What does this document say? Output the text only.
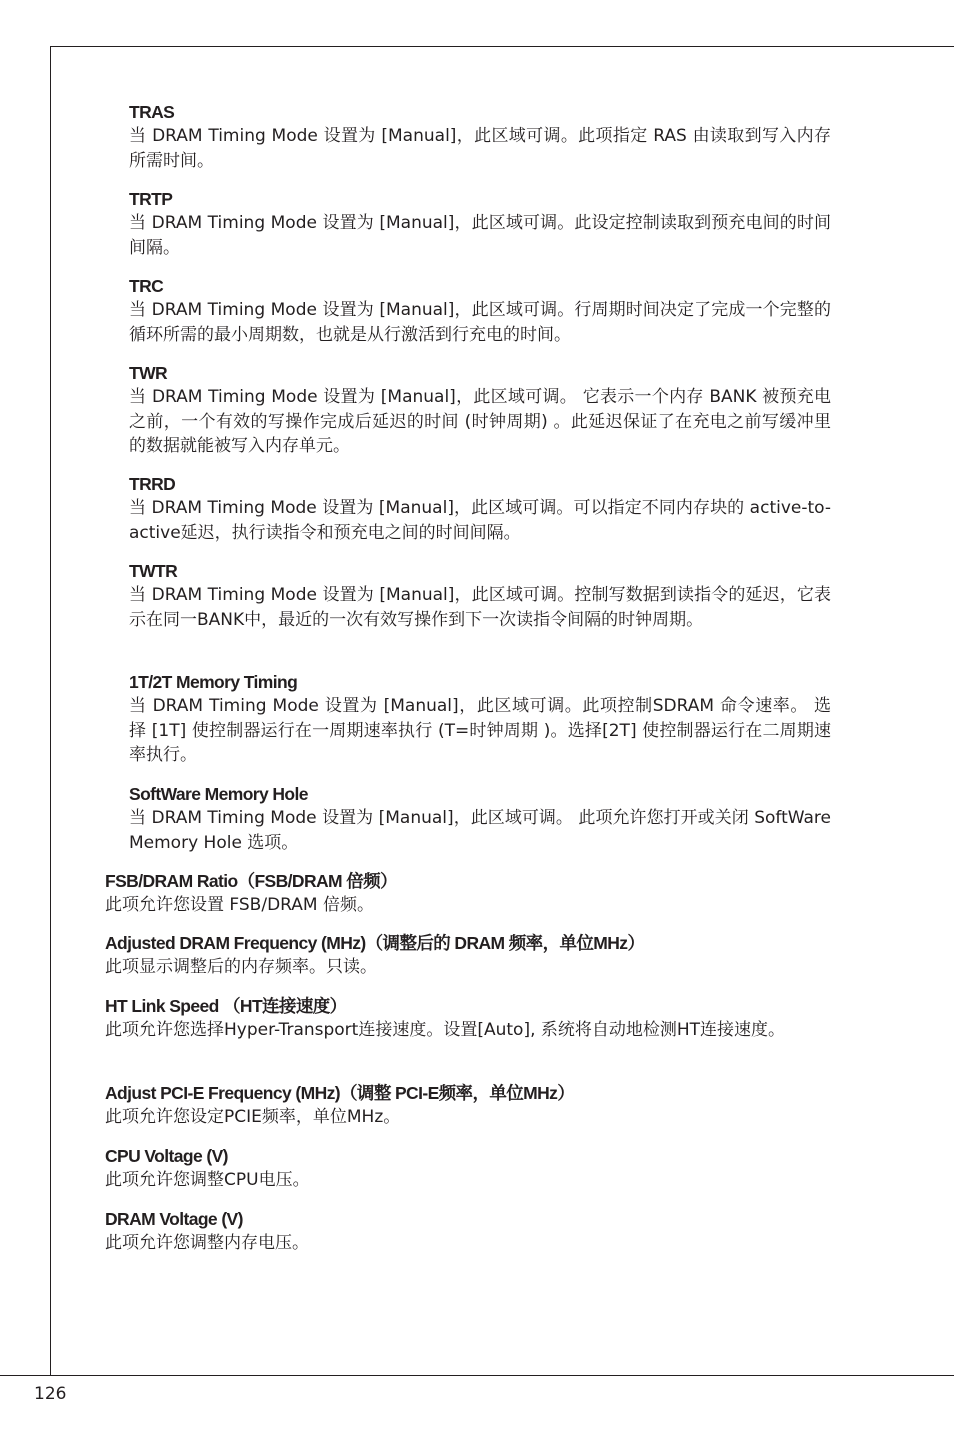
TRAS
当 DRAM Timing Mode 设置为 [Manual]，此区域可调。此项指定 RAS 由读取到写入内存所需时间。
TRTP
当 DRAM Timing Mode 设置为 [Manual]，此区域可调。此设定控制读取到预充电间的时间间隔。
TRC
当 DRAM Timing Mode 设置为 [Manual]，此区域可调。行周期时间决定了完成一个完整的循环所需的最小周期数，也就是从行激活到行充电的时间。
TWR
当 DRAM Timing Mode 设置为 [Manual]，此区域可调。 它表示一个内存 BANK 被预充电之前，一个有效的写操作完成后延迟的时间 (时钟周期) 。此延迟保证了在充电之前写缓冲里的数据就能被写入内存单元。
TRRD
当 DRAM Timing Mode 设置为 [Manual]，此区域可调。可以指定不同内存块的 active-to-active延迟，执行读指令和预充电之间的时间间隔。
TWTR
当 DRAM Timing Mode 设置为 [Manual]，此区域可调。控制写数据到读指令的延迟，它表示在同一BANK中，最近的一次有效写操作到下一次读指令间隔的时钟周期。
1T/2T Memory Timing
当 DRAM Timing Mode 设置为 [Manual]，此区域可调。此项控制SDRAM 命令速率。 选择 [1T] 使控制器运行在一周期速率执行 (T=时钟周期 )。选择[2T] 使控制器运行在二周期速率执行。
SoftWare Memory Hole
当 DRAM Timing Mode 设置为 [Manual]，此区域可调。 此项允许您打开或关闭 SoftWare Memory Hole 选项。
FSB/DRAM Ratio（FSB/DRAM 倍频）
此项允许您设置 FSB/DRAM 倍频。
Adjusted DRAM Frequency (MHz)（调整后的 DRAM 频率，单位MHz）
此项显示调整后的内存频率。只读。
HT Link Speed （HT连接速度）
此项允许您选择Hyper-Transport连接速度。设置[Auto], 系统将自动地检测HT连接速度。
Adjust PCI-E Frequency (MHz)（调整 PCI-E频率，单位MHz）
此项允许您设定PCIE频率，单位MHz。
CPU Voltage (V)
此项允许您调整CPU电压。
DRAM Voltage (V)
此项允许您调整内存电压。
126
